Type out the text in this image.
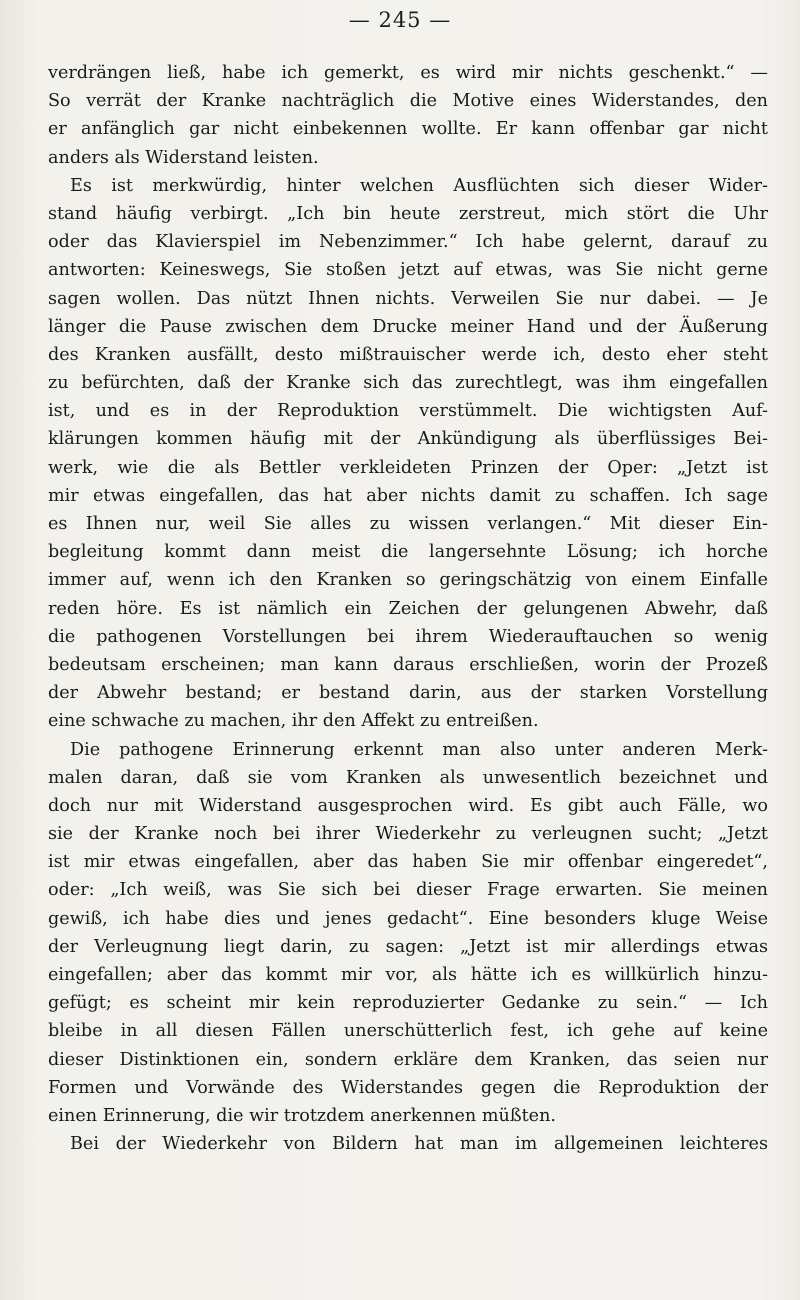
— 245 —
verdrängen ließ, habe ich gemerkt, es wird mir nichts geschenkt.“ —
So verrät der Kranke nachträglich die Motive eines Widerstandes, den
er anfänglich gar nicht einbekennen wollte. Er kann offenbar gar nicht
anders als Widerstand leisten.
Es ist merkwürdig, hinter welchen Ausflüchten sich dieser Wider-
stand häufig verbirgt. „Ich bin heute zerstreut, mich stört die Uhr
oder das Klavierspiel im Nebenzimmer.“ Ich habe gelernt, darauf zu
antworten: Keineswegs, Sie stoßen jetzt auf etwas, was Sie nicht gerne
sagen wollen. Das nützt Ihnen nichts. Verweilen Sie nur dabei. — Je
länger die Pause zwischen dem Drucke meiner Hand und der Äußerung
des Kranken ausfällt, desto mißtrauischer werde ich, desto eher steht
zu befürchten, daß der Kranke sich das zurechtlegt, was ihm eingefallen
ist, und es in der Reproduktion verstümmelt. Die wichtigsten Auf-
klärungen kommen häufig mit der Ankündigung als überflüssiges Bei-
werk, wie die als Bettler verkleideten Prinzen der Oper: „Jetzt ist
mir etwas eingefallen, das hat aber nichts damit zu schaffen. Ich sage
es Ihnen nur, weil Sie alles zu wissen verlangen.“ Mit dieser Ein-
begleitung kommt dann meist die langersehnte Lösung; ich horche
immer auf, wenn ich den Kranken so geringschätzig von einem Einfalle
reden höre. Es ist nämlich ein Zeichen der gelungenen Abwehr, daß
die pathogenen Vorstellungen bei ihrem Wiederauftauchen so wenig
bedeutsam erscheinen; man kann daraus erschließen, worin der Prozeß
der Abwehr bestand; er bestand darin, aus der starken Vorstellung
eine schwache zu machen, ihr den Affekt zu entreißen.
Die pathogene Erinnerung erkennt man also unter anderen Merk-
malen daran, daß sie vom Kranken als unwesentlich bezeichnet und
doch nur mit Widerstand ausgesprochen wird. Es gibt auch Fälle, wo
sie der Kranke noch bei ihrer Wiederkehr zu verleugnen sucht; „Jetzt
ist mir etwas eingefallen, aber das haben Sie mir offenbar eingeredet“,
oder: „Ich weiß, was Sie sich bei dieser Frage erwarten. Sie meinen
gewiß, ich habe dies und jenes gedacht“. Eine besonders kluge Weise
der Verleugnung liegt darin, zu sagen: „Jetzt ist mir allerdings etwas
eingefallen; aber das kommt mir vor, als hätte ich es willkürlich hinzu-
gefügt; es scheint mir kein reproduzierter Gedanke zu sein.“ — Ich
bleibe in all diesen Fällen unerschütterlich fest, ich gehe auf keine
dieser Distinktionen ein, sondern erkläre dem Kranken, das seien nur
Formen und Vorwände des Widerstandes gegen die Reproduktion der
einen Erinnerung, die wir trotzdem anerkennen müßten.
Bei der Wiederkehr von Bildern hat man im allgemeinen leichteres
